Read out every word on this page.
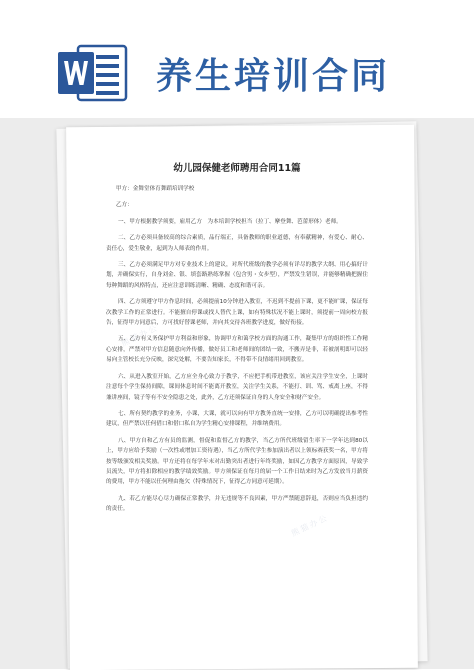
养生培训合同
熊猫办公
熊猫办公
幼儿园保健老师聘用合同11篇

甲方：金舞堂体育舞蹈培训学校

乙方：

一、甲方根据教学须要，雇用乙方　为本培训学校担当（拉丁、摩登舞、芭蕾形体）老师。

二、乙方必须具备较高的综合素质，品行端正，具备教师的职业道德，有奉献精神，有爱心、耐心、责任心，爱生敬业，起到为人师表的作用。

三、乙方必须满足甲方对专业技术上的建议，对所代班级的教学必须有详尽的教学大纲、用心搞好计划，并确保实行，自身刘金、银、填套路熟练掌握（包含男・女步型），严禁发生错误，并能够精确把握住每种舞蹈的风格特点，还应注意训练清晰、精确、态度和谐可亲。

四、乙方须遵守甲方作息时间，必须提前10分钟进入教室，不迟到不提前下课，更不能旷课，保证每次教学工作的正常进行。不能擅自停课或找人替代上课，如有特殊状况不能上课时，须提前一周向校方报告，征得甲方同意后，方可找好替课老师，并向其交待各班教学进度，做好衔接。

五、乙方有义务保护甲方利益和形象，协调甲方和蔼学校方面的沟通工作，凝集甲方的组织性工作精心安排，严禁对甲方信息随意向外传播，做好员工和老师间的团结一致，不搬弄是非，若被剖明即可以轻易向主管校长充分反映，深究处解，不要告知家长，不得带不良情绪用回到教室。

六、从进入教室开始，乙方应全身心致力于教学，不应把手机带进教室，该应关注学生安全，上课时注意每个学生保持间隙，课间休息时间不能离开教室，关注学生关系，不能打、训、骂、戒离上座，不得兼讲座间，镜子等有不安全隐患之处，此外，乙方还须保证自身的人身安全和财产安全。

七、所有契约教学的业务，小课，大课，就可以向有甲方教务直统一安排，乙方可以明确提出参考性建议，但严禁以任何借口和借口私自为学生精心安排课程，并维纳费用。

八、甲方自和乙方有员的监测，督促和监督乙方的教学，当乙方所代班级留生率下一学年达到80以上，甲方应给予奖励（一次性或增加工资待遇），当乙方所代学生参加演出者以上领标赛获奖一名，甲方将按等级颁发相关奖励。甲方还将在每学年末对出勤突出者进行年终奖励，如因乙方教学方面原因，导致学员流失，甲方将扣除相应的教学绩效奖励。甲方须保证在每月的届一个工作日结来时为乙方发放当月薪资的费用，甲方不能以任何理由拖欠（特殊情况下，征得乙方同意可延期）。

九、若乙方能尽心尽力确保正常教学，并无违规等不良因素，甲方严禁随意辞退，否则应当负担违约的责任。
